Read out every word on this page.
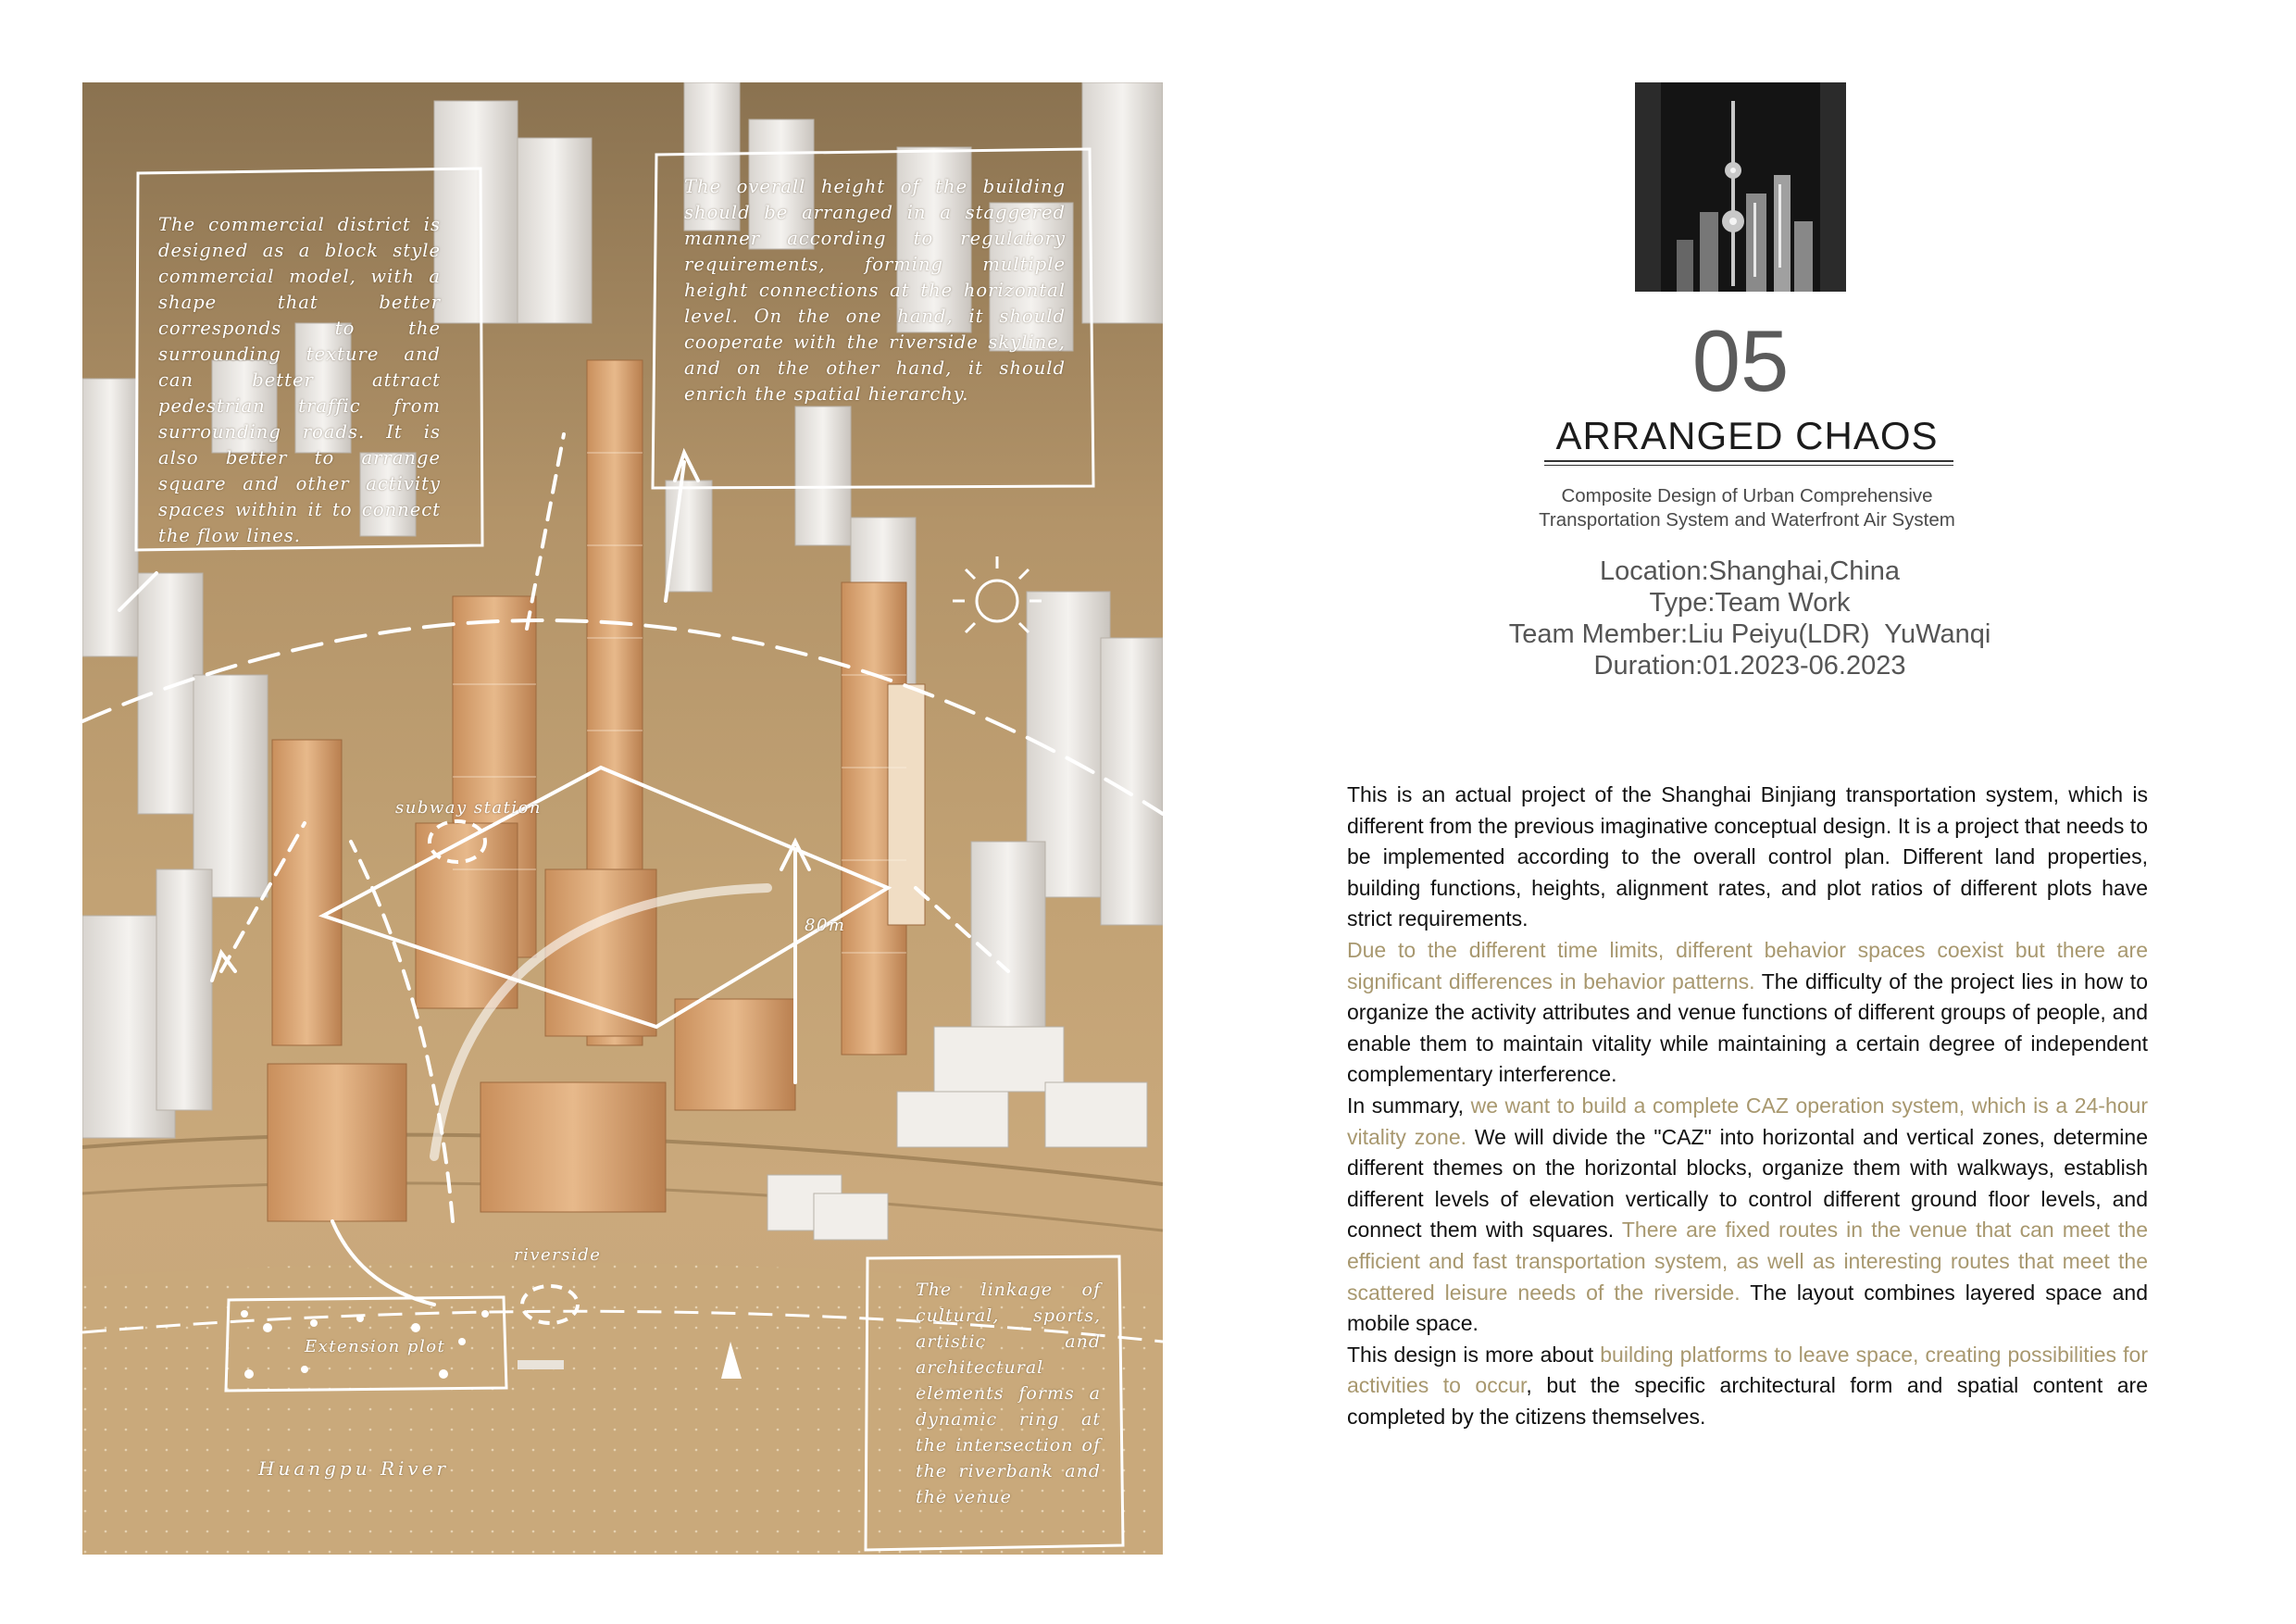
The commercial district is designed as a block style commercial model, with a shape that better corresponds to the surrounding texture and can better attract pedestrian traffic from surrounding roads. It is also better to arrange square and other activity spaces within it to connect the flow lines.

The overall height of the building should be arranged in a staggered manner according to regulatory requirements, forming multiple height connections at the horizontal level. On the one hand, it should cooperate with the riverside skyline, and on the other hand, it should enrich the spatial hierarchy.

The linkage of cultural, sports, artistic and architectural elements forms a dynamic ring at the intersection of the riverbank and the venue

subway station
80m
riverside
Extension plot
Huangpu River
05
ARRANGED CHAOS
Composite Design of Urban Comprehensive
Transportation System and Waterfront Air System
Location:Shanghai,China
Type:Team Work
Team Member:Liu Peiyu(LDR)  YuWanqi
Duration:01.2023-06.2023

This is an actual project of the Shanghai Binjiang transportation system, which is different from the previous imaginative conceptual design. It is a project that needs to be implemented according to the overall control plan. Different land properties, building functions, heights, alignment rates, and plot ratios of different plots have strict requirements.

Due to the different time limits, different behavior spaces coexist but there are significant differences in behavior patterns. The difficulty of the project lies in how to organize the activity attributes and venue functions of different groups of people, and enable them to maintain vitality while maintaining a certain degree of independent complementary interference.

In summary, we want to build a complete CAZ operation system, which is a 24-hour vitality zone. We will divide the "CAZ" into horizontal and vertical zones, determine different themes on the horizontal blocks, organize them with walkways, establish different levels of elevation vertically to control different ground floor levels, and connect them with squares. There are fixed routes in the venue that can meet the efficient and fast transportation system, as well as interesting routes that meet the scattered leisure needs of the riverside. The layout combines layered space and mobile space.

This design is more about building platforms to leave space, creating possibilities for activities to occur, but the specific architectural form and spatial content are completed by the citizens themselves.
